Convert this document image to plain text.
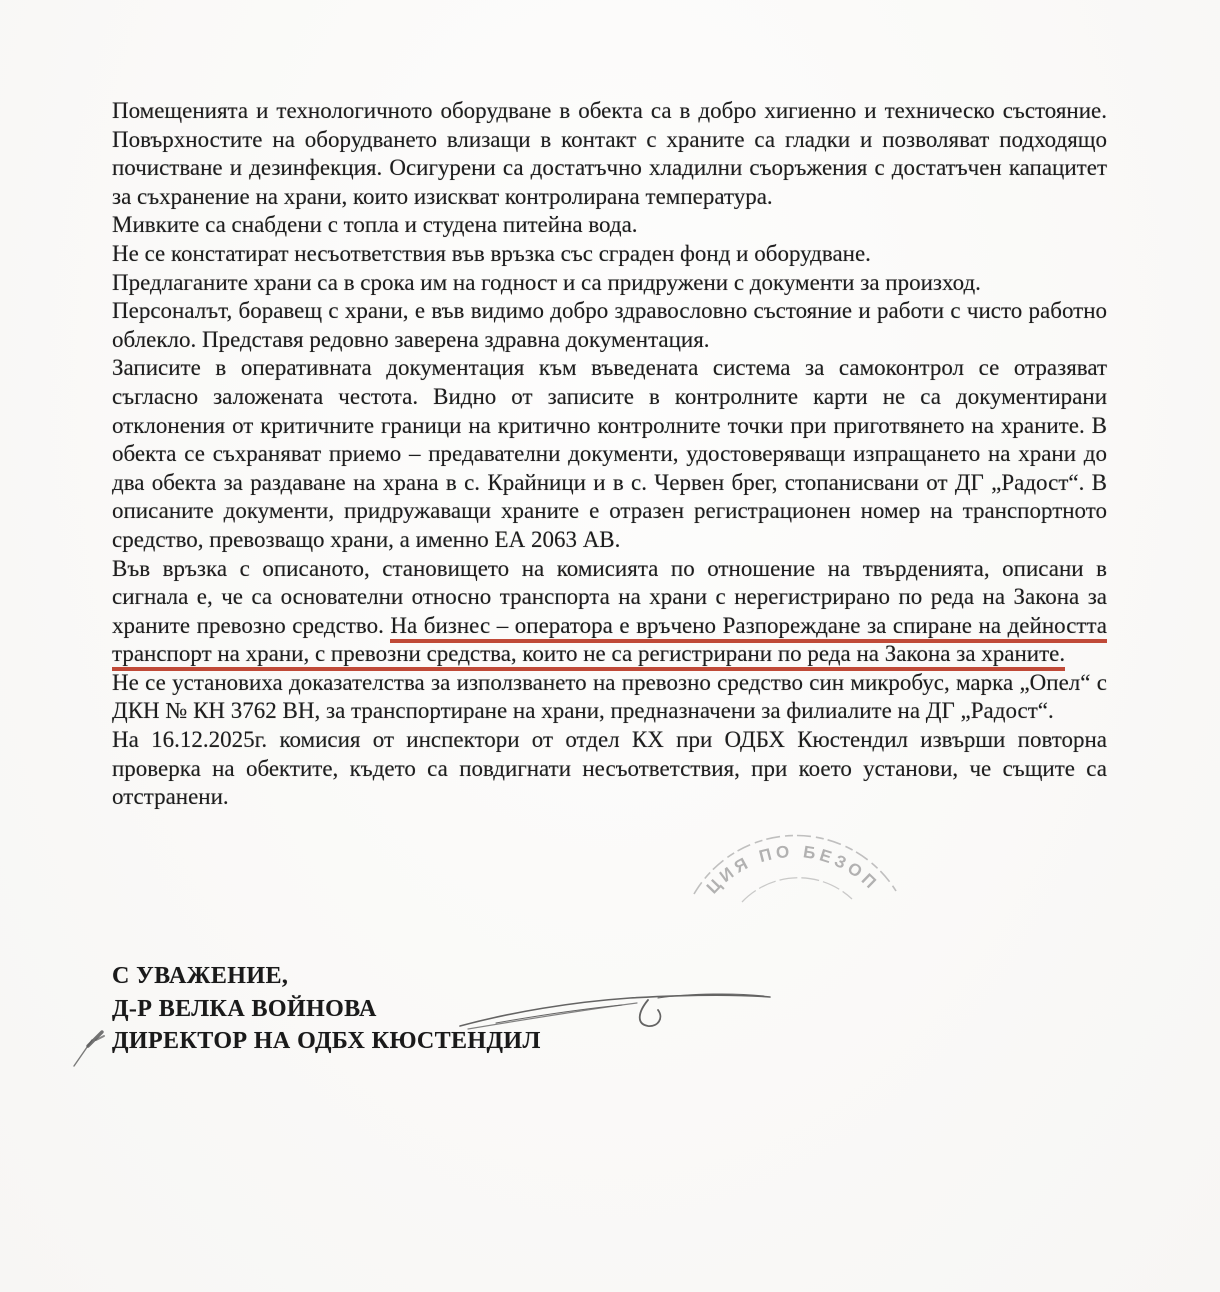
Помещенията и технологичното оборудване в обекта са в добро хигиенно и техническо състояние. Повърхностите на оборудването влизащи в контакт с храните са гладки и позволяват подходящо почистване и дезинфекция. Осигурени са достатъчно хладилни съоръжения с достатъчен капацитет за съхранение на храни, които изискват контролирана температура.

Мивките са снабдени с топла и студена питейна вода.

Не се констатират несъответствия във връзка със сграден фонд и оборудване.

Предлаганите храни са в срока им на годност и са придружени с документи за произход.

Персоналът, боравещ с храни, е във видимо добро здравословно състояние и работи с чисто работно облекло. Представя редовно заверена здравна документация.

Записите в оперативната документация към въведената система за самоконтрол се отразяват съгласно заложената честота. Видно от записите в контролните карти не са документирани отклонения от критичните граници на критично контролните точки при приготвянето на храните. В обекта се съхраняват приемо – предавателни документи, удостоверяващи изпращането на храни до два обекта за раздаване на храна в с. Крайници и в с. Червен брег, стопанисвани от ДГ „Радост“. В описаните документи, придружаващи храните е отразен регистрационен номер на транспортното средство, превозващо храни, а именно ЕА 2063 АВ.

Във връзка с описаното, становището на комисията по отношение на твърденията, описани в сигнала е, че са основателни относно транспорта на храни с нерегистрирано по реда на Закона за храните превозно средство. На бизнес – оператора е връчено Разпореждане за спиране на дейността транспорт на храни, с превозни средства, които не са регистрирани по реда на Закона за храните.

Не се установиха доказателства за използването на превозно средство син микробус, марка „Опел“ с ДКН № КН 3762 ВН, за транспортиране на храни, предназначени за филиалите на ДГ „Радост“.

На 16.12.2025г. комисия от инспектори от отдел КХ при ОДБХ Кюстендил извърши повторна проверка на обектите, където са повдигнати несъответствия, при което установи, че същите са отстранени.

ЦИЯ ПО БЕЗОП
С УВАЖЕНИЕ,
Д-Р ВЕЛКА ВОЙНОВА
ДИРЕКТОР НА ОДБХ КЮСТЕНДИЛ
